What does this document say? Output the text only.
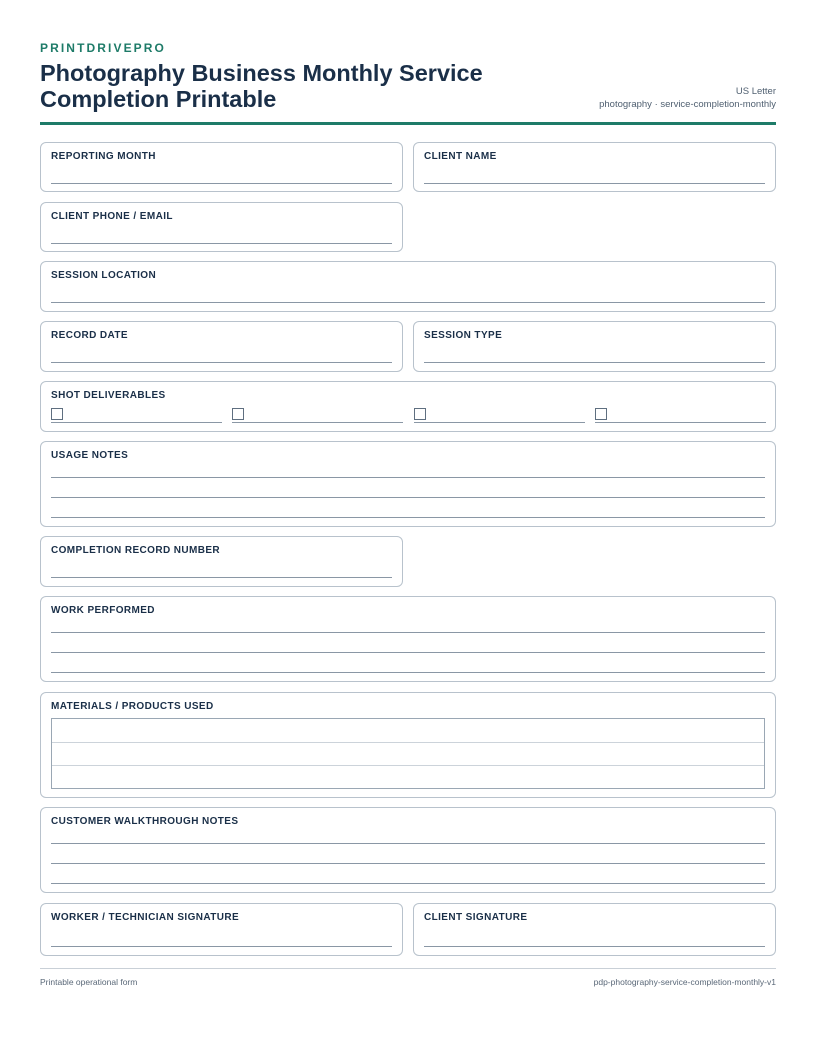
PRINTDRIVEPRO
Photography Business Monthly Service Completion Printable	US Letter
photography · service-completion-monthly
REPORTING MONTH	CLIENT NAME
CLIENT PHONE / EMAIL
SESSION LOCATION
RECORD DATE	SESSION TYPE
SHOT DELIVERABLES
USAGE NOTES
COMPLETION RECORD NUMBER
WORK PERFORMED
MATERIALS / PRODUCTS USED
CUSTOMER WALKTHROUGH NOTES
WORKER / TECHNICIAN SIGNATURE	CLIENT SIGNATURE
Printable operational form	pdp-photography-service-completion-monthly-v1
